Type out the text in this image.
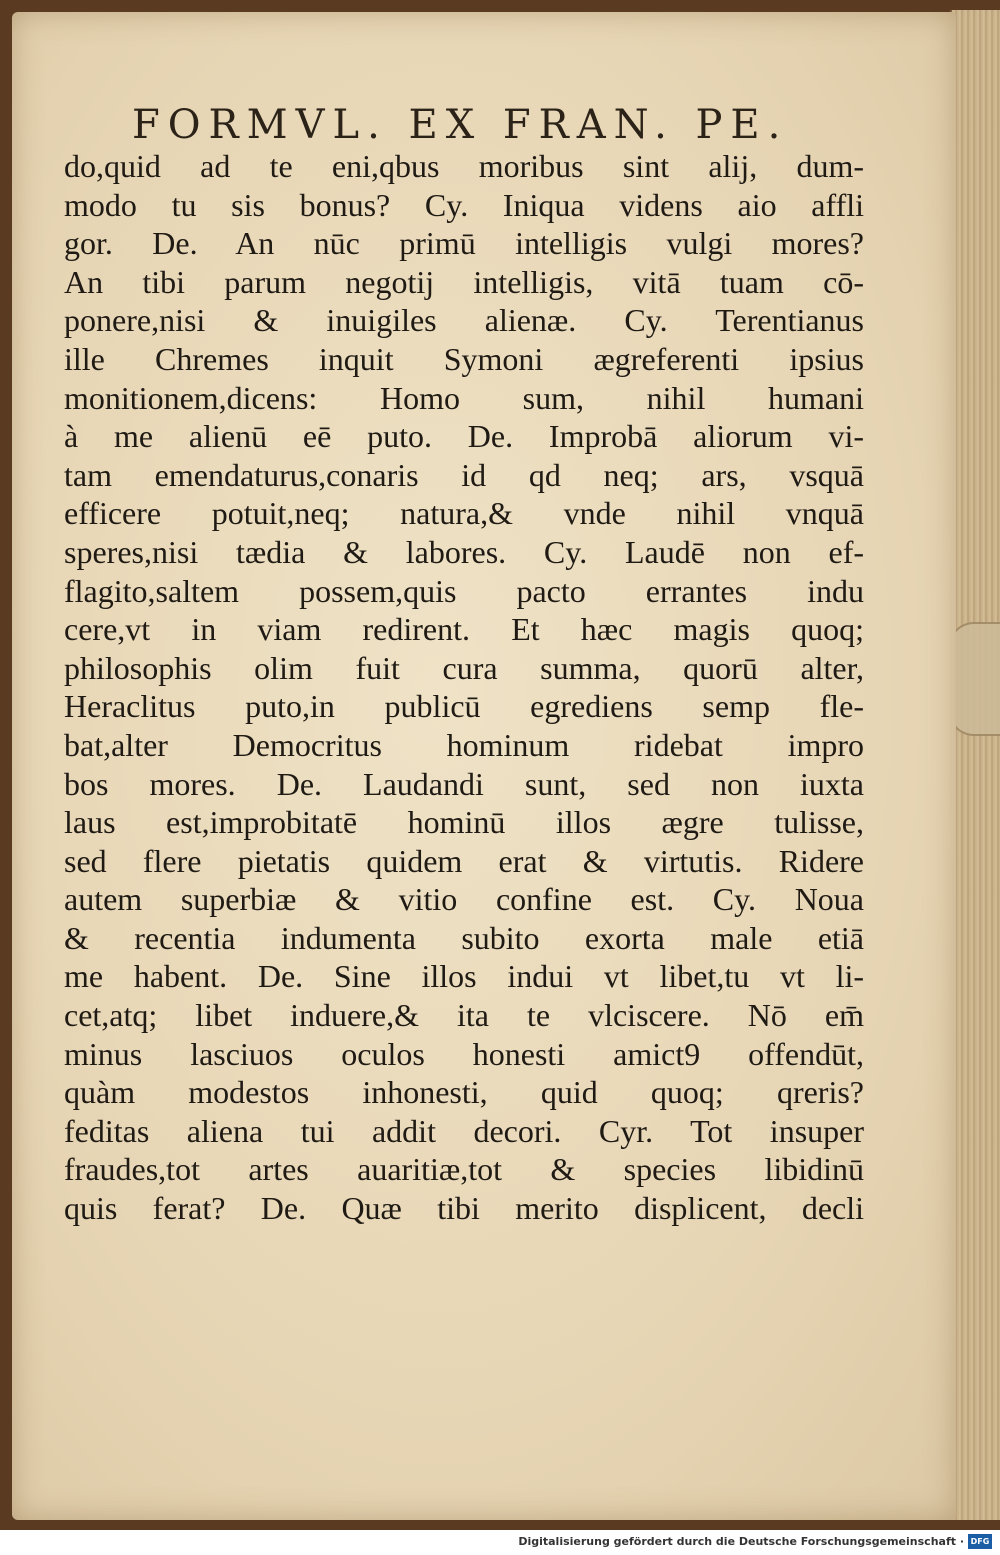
FORMVL. EX FRAN. PE.
do,quid ad te eni,qbus moribus sint alij, dum-
modo tu sis bonus? Cy. Iniqua videns aio affli
gor. De. An nūc primū intelligis vulgi mores?
An tibi parum negotij intelligis, vitā tuam cō-
ponere,nisi & inuigiles alienæ. Cy. Terentianus
ille Chremes inquit Symoni ægreferenti ipsius
monitionem,dicens: Homo sum, nihil humani
à me alienū eē puto. De. Improbā aliorum vi-
tam emendaturus,conaris id qd neq; ars, vsquā
efficere potuit,neq; natura,& vnde nihil vnquā
speres,nisi tædia & labores. Cy. Laudē non ef-
flagito,saltem possem,quis pacto errantes indu
cere,vt in viam redirent. Et hæc magis quoq;
philosophis olim fuit cura summa, quorū alter,
Heraclitus puto,in publicū egrediens semp fle-
bat,alter Democritus hominum ridebat impro
bos mores. De. Laudandi sunt, sed non iuxta
laus est,improbitatē hominū illos ægre tulisse,
sed flere pietatis quidem erat & virtutis. Ridere
autem superbiæ & vitio confine est. Cy. Noua
& recentia indumenta subito exorta male etiā
me habent. De. Sine illos indui vt libet,tu vt li-
cet,atq; libet induere,& ita te vlciscere. Nō em̄
minus lasciuos oculos honesti amict9 offendūt,
quàm modestos inhonesti, quid quoq; qreris?
feditas aliena tui addit decori. Cyr. Tot insuper
fraudes,tot artes auaritiæ,tot & species libidinū
quis ferat? De. Quæ tibi merito displicent, decli
Digitalisierung gefördert durch die Deutsche Forschungsgemeinschaft · DFG
